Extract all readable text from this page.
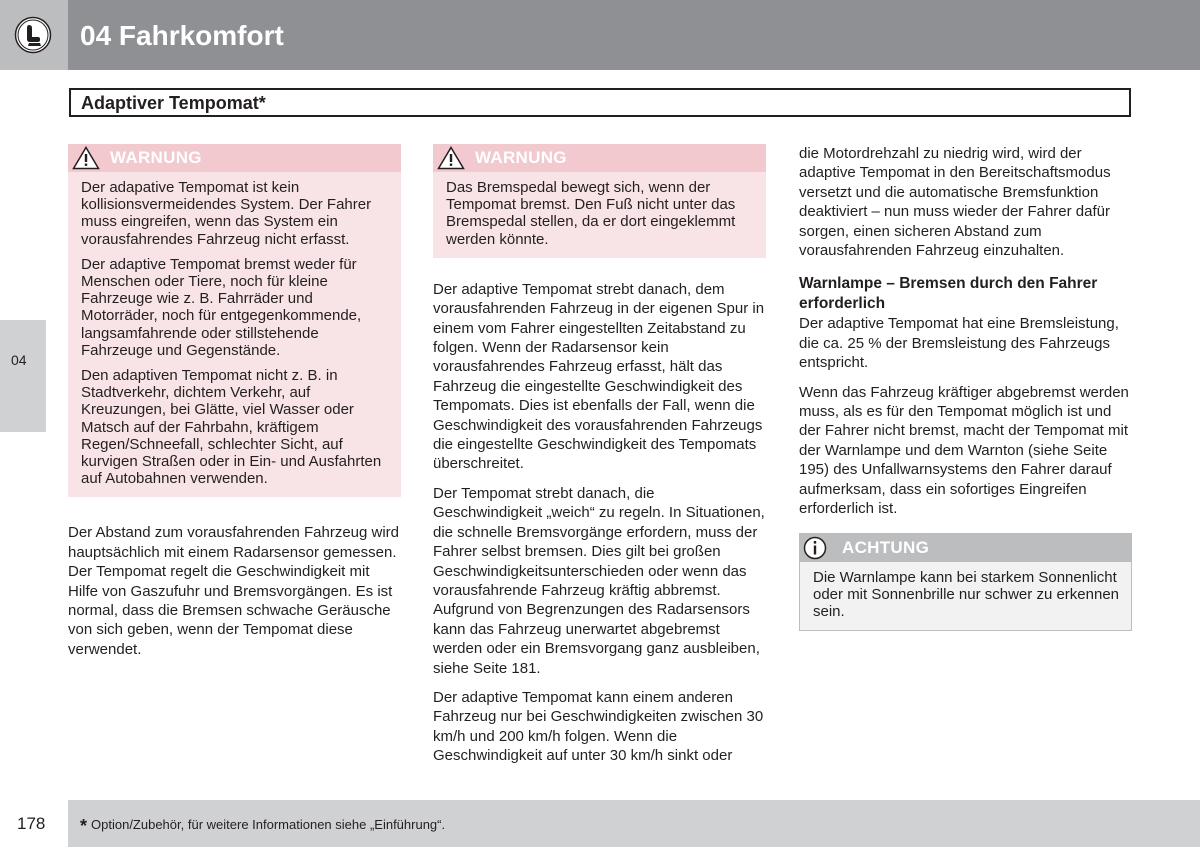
04 Fahrkomfort
04
Adaptiver Tempomat*
WARNUNG

Der adapative Tempomat ist kein kollisionsvermeidendes System. Der Fahrer muss eingreifen, wenn das System ein vorausfahrendes Fahrzeug nicht erfasst.

Der adaptive Tempomat bremst weder für Menschen oder Tiere, noch für kleine Fahrzeuge wie z. B. Fahrräder und Motorräder, noch für entgegenkommende, langsamfahrende oder stillstehende Fahrzeuge und Gegenstände.

Den adaptiven Tempomat nicht z. B. in Stadtverkehr, dichtem Verkehr, auf Kreuzungen, bei Glätte, viel Wasser oder Matsch auf der Fahrbahn, kräftigem Regen/Schneefall, schlechter Sicht, auf kurvigen Straßen oder in Ein- und Ausfahrten auf Autobahnen verwenden.

Der Abstand zum vorausfahrenden Fahrzeug wird hauptsächlich mit einem Radarsensor gemessen. Der Tempomat regelt die Geschwindigkeit mit Hilfe von Gaszufuhr und Bremsvorgängen. Es ist normal, dass die Bremsen schwache Geräusche von sich geben, wenn der Tempomat diese verwendet.

WARNUNG

Das Bremspedal bewegt sich, wenn der Tempomat bremst. Den Fuß nicht unter das Bremspedal stellen, da er dort eingeklemmt werden könnte.

Der adaptive Tempomat strebt danach, dem vorausfahrenden Fahrzeug in der eigenen Spur in einem vom Fahrer eingestellten Zeitabstand zu folgen. Wenn der Radarsensor kein vorausfahrendes Fahrzeug erfasst, hält das Fahrzeug die eingestellte Geschwindigkeit des Tempomats. Dies ist ebenfalls der Fall, wenn die Geschwindigkeit des vorausfahrenden Fahrzeugs die eingestellte Geschwindigkeit des Tempomats überschreitet.

Der Tempomat strebt danach, die Geschwindigkeit „weich“ zu regeln. In Situationen, die schnelle Bremsvorgänge erfordern, muss der Fahrer selbst bremsen. Dies gilt bei großen Geschwindigkeitsunterschieden oder wenn das vorausfahrende Fahrzeug kräftig abbremst. Aufgrund von Begrenzungen des Radarsensors kann das Fahrzeug unerwartet abgebremst werden oder ein Bremsvorgang ganz ausbleiben, siehe Seite 181.

Der adaptive Tempomat kann einem anderen Fahrzeug nur bei Geschwindigkeiten zwischen 30 km/h und 200 km/h folgen. Wenn die Geschwindigkeit auf unter 30 km/h sinkt oder

die Motordrehzahl zu niedrig wird, wird der adaptive Tempomat in den Bereitschaftsmodus versetzt und die automatische Bremsfunktion deaktiviert – nun muss wieder der Fahrer dafür sorgen, einen sicheren Abstand zum vorausfahrenden Fahrzeug einzuhalten.

Warnlampe – Bremsen durch den Fahrer erforderlich

Der adaptive Tempomat hat eine Bremsleistung, die ca. 25 % der Bremsleistung des Fahrzeugs entspricht.

Wenn das Fahrzeug kräftiger abgebremst werden muss, als es für den Tempomat möglich ist und der Fahrer nicht bremst, macht der Tempomat mit der Warnlampe und dem Warnton (siehe Seite 195) des Unfallwarnsystems den Fahrer darauf aufmerksam, dass ein sofortiges Eingreifen erforderlich ist.

ACHTUNG

Die Warnlampe kann bei starkem Sonnenlicht oder mit Sonnenbrille nur schwer zu erkennen sein.

178 * Option/Zubehör, für weitere Informationen siehe „Einführung“.
